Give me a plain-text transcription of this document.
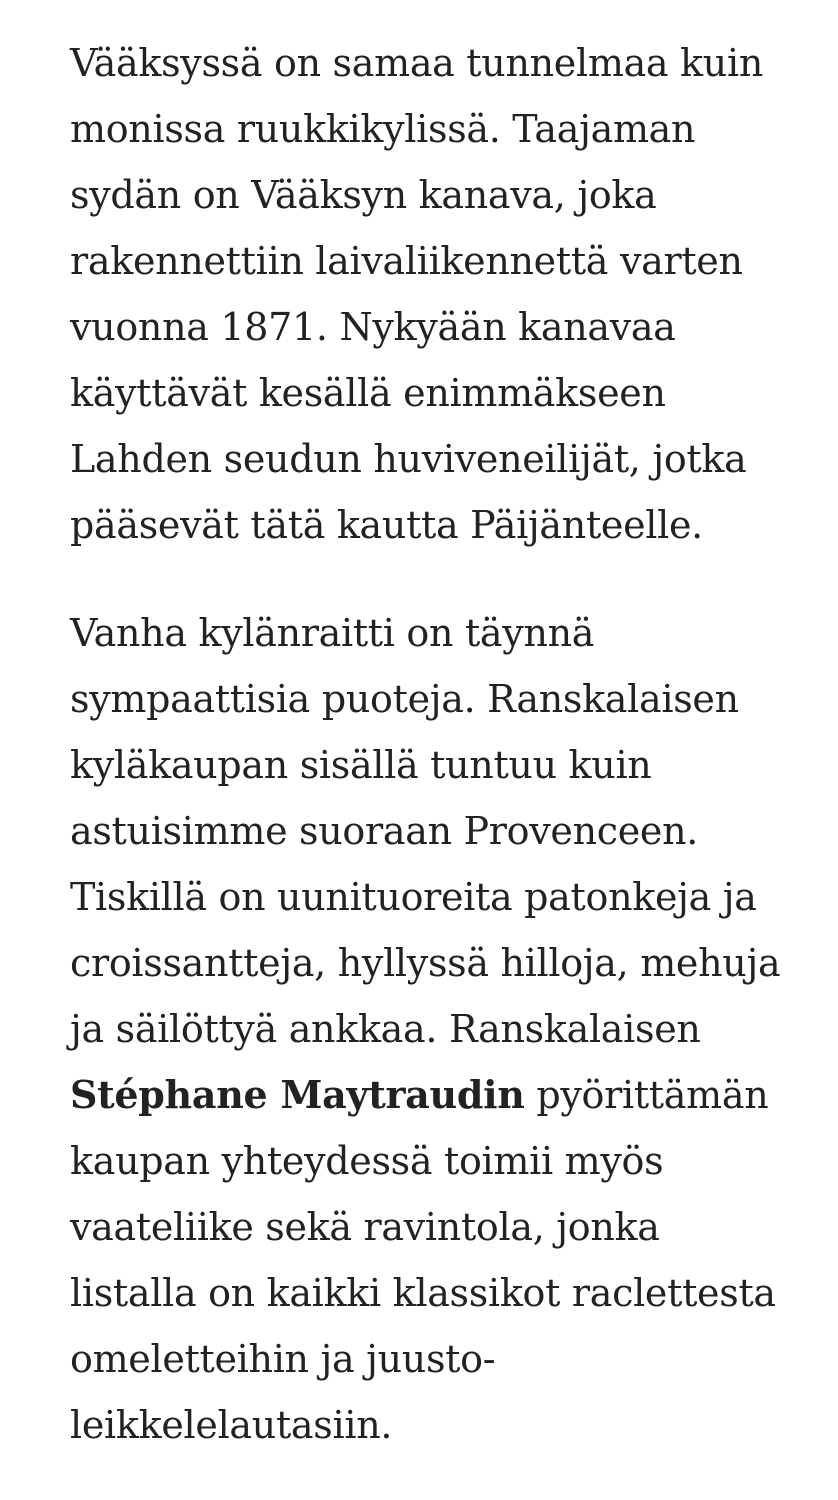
Vääksyssä on samaa tunnelmaa kuin
monissa ruukkikylissä. Taajaman
sydän on Vääksyn kanava, joka
rakennettiin laivaliikennettä varten
vuonna 1871. Nykyään kanavaa
käyttävät kesällä enimmäkseen
Lahden seudun huviveneilijät, jotka
pääsevät tätä kautta Päijänteelle.

Vanha kylänraitti on täynnä
sympaattisia puoteja. Ranskalaisen
kyläkaupan sisällä tuntuu kuin
astuisimme suoraan Provenceen.
Tiskillä on uunituoreita patonkeja ja
croissantteja, hyllyssä hilloja, mehuja
ja säilöttyä ankkaa. Ranskalaisen
Stéphane Maytraudin pyörittämän
kaupan yhteydessä toimii myös
vaateliike sekä ravintola, jonka
listalla on kaikki klassikot raclettesta
omeletteihin ja juusto-
leikkelelautasiin.
